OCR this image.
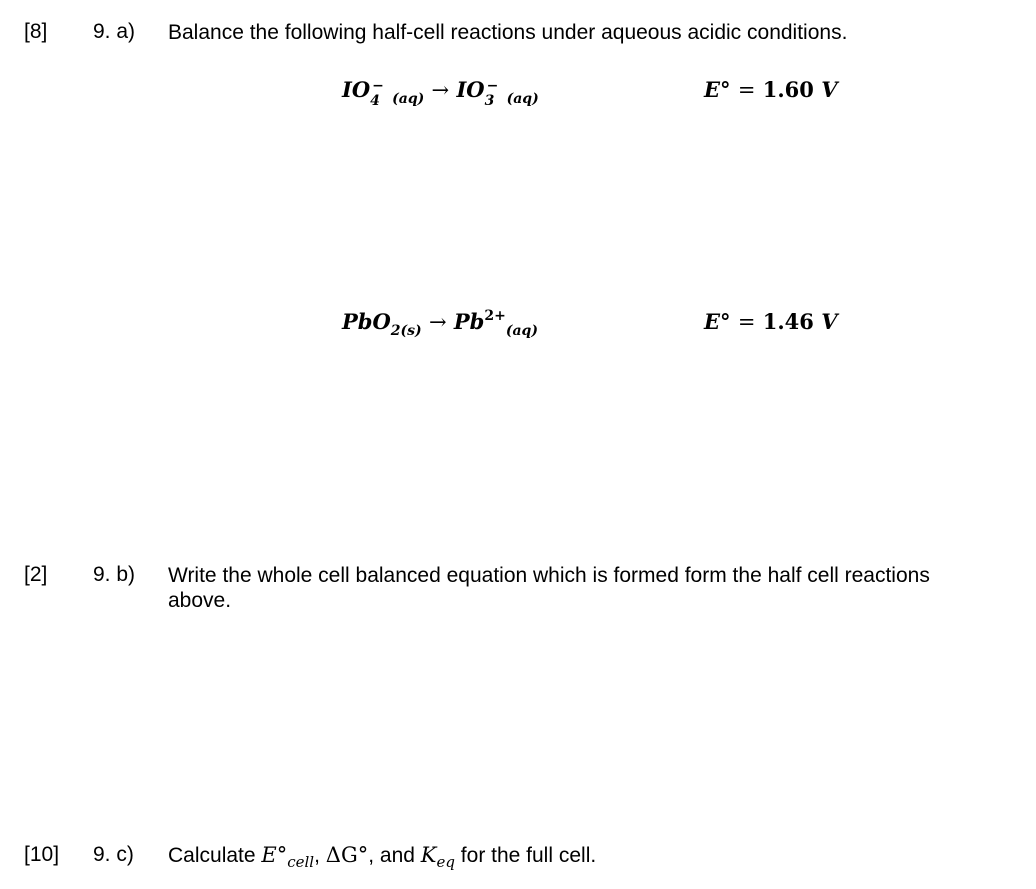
[8] 9. a) Balance the following half-cell reactions under aqueous acidic conditions.
IO −
4 $_{(aq)}$ → IO −
3 $_{(aq)}$	E° = 1.60 V
$PbO_{2(s)} \to Pb^{2+}_{(aq)}$	E° = 1.46 V
[2] 9. b) Write the whole cell balanced equation which is formed form the half cell reactions above.
[10] 9. c) Calculate $E^\circ_{cell}$, ΔG°, and $K_{eq}$ for the full cell.
